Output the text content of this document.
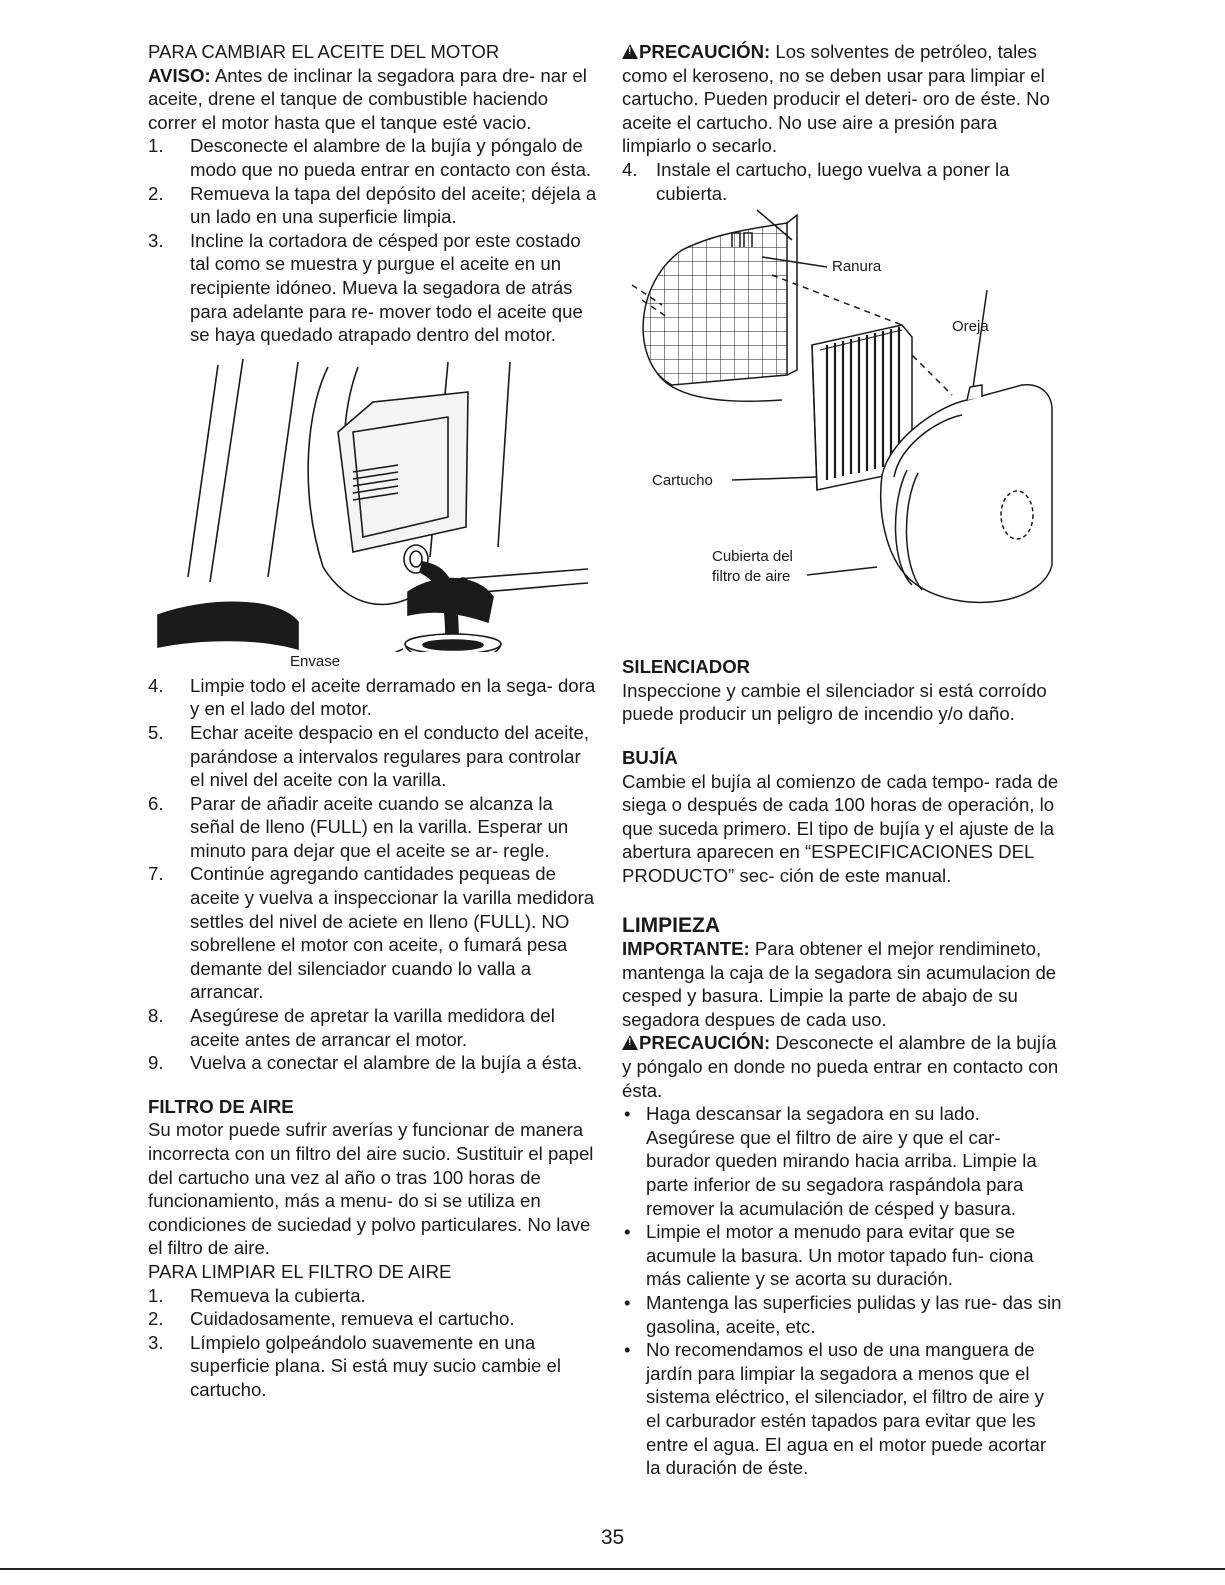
PARA CAMBIAR EL ACEITE DEL MOTOR

AVISO: Antes de inclinar la segadora para dre- nar el aceite, drene el tanque de combustible haciendo correr el motor hasta que el tanque esté vacio.

1.	Desconecte el alambre de la bujía y póngalo de modo que no pueda entrar en contacto con ésta.
2.	Remueva la tapa del depósito del aceite; déjela a un lado en una superficie limpia.
3.	Incline la cortadora de césped por este costado tal como se muestra y purgue el aceite en un recipiente idóneo. Mueva la segadora de atrás para adelante para re- mover todo el aceite que se haya quedado atrapado dentro del motor.
Envase
4.	Limpie todo el aceite derramado en la sega- dora y en el lado del motor.
5.	Echar aceite despacio en el conducto del aceite, parándose a intervalos regulares para controlar el nivel del aceite con la varilla.
6.	Parar de añadir aceite cuando se alcanza la señal de lleno (FULL) en la varilla. Esperar un minuto para dejar que el aceite se ar- regle.
7.	Continúe agregando cantidades pequeas de aceite y vuelva a inspeccionar la varilla medidora settles del nivel de aciete en lleno (FULL). NO sobrellene el motor con aceite, o fumará pesa demante del silenciador cuando lo valla a arrancar.
8.	Asegúrese de apretar la varilla medidora del aceite antes de arrancar el motor.
9.	Vuelva a conectar el alambre de la bujía a ésta.

FILTRO DE AIRE

Su motor puede sufrir averías y funcionar de manera incorrecta con un filtro del aire sucio. Sustituir el papel del cartucho una vez al año o tras 100 horas de funcionamiento, más a menu- do si se utiliza en condiciones de suciedad y polvo particulares. No lave el filtro de aire.

PARA LIMPIAR EL FILTRO DE AIRE

1.	Remueva la cubierta.
2.	Cuidadosamente, remueva el cartucho.
3.	Límpielo golpeándolo suavemente en una superficie plana. Si está muy sucio cambie el cartucho.

!PRECAUCIÓN: Los solventes de petróleo, tales como el keroseno, no se deben usar para limpiar el cartucho. Pueden producir el deteri- oro de éste. No aceite el cartucho. No use aire a presión para limpiarlo o secarlo.

4. Instale el cartucho, luego vuelva a poner la cubierta.
Ranura
Oreja
Cartucho
Cubierta del
filtro de aire

SILENCIADOR

Inspeccione y cambie el silenciador si está corroído puede producir un peligro de incendio y/o daño.

BUJÍA

Cambie el bujía al comienzo de cada tempo- rada de siega o después de cada 100 horas de operación, lo que suceda primero. El tipo de bujía y el ajuste de la abertura aparecen en “ESPECIFICACIONES DEL PRODUCTO” sec- ción de este manual.

LIMPIEZA

IMPORTANTE: Para obtener el mejor rendimineto, mantenga la caja de la segadora sin acumulacion de cesped y basura. Limpie la parte de abajo de su segadora despues de cada uso.

!PRECAUCIÓN: Desconecte el alambre de la bujía y póngalo en donde no pueda entrar en contacto con ésta.

• Haga descansar la segadora en su lado. Asegúrese que el filtro de aire y que el car- burador queden mirando hacia arriba. Limpie la parte inferior de su segadora raspándola para remover la acumulación de césped y basura.
• Limpie el motor a menudo para evitar que se acumule la basura. Un motor tapado fun- ciona más caliente y se acorta su duración.
• Mantenga las superficies pulidas y las rue- das sin gasolina, aceite, etc.
• No recomendamos el uso de una manguera de jardín para limpiar la segadora a menos que el sistema eléctrico, el silenciador, el filtro de aire y el carburador estén tapados para evitar que les entre el agua. El agua en el motor puede acortar la duración de éste.
35
